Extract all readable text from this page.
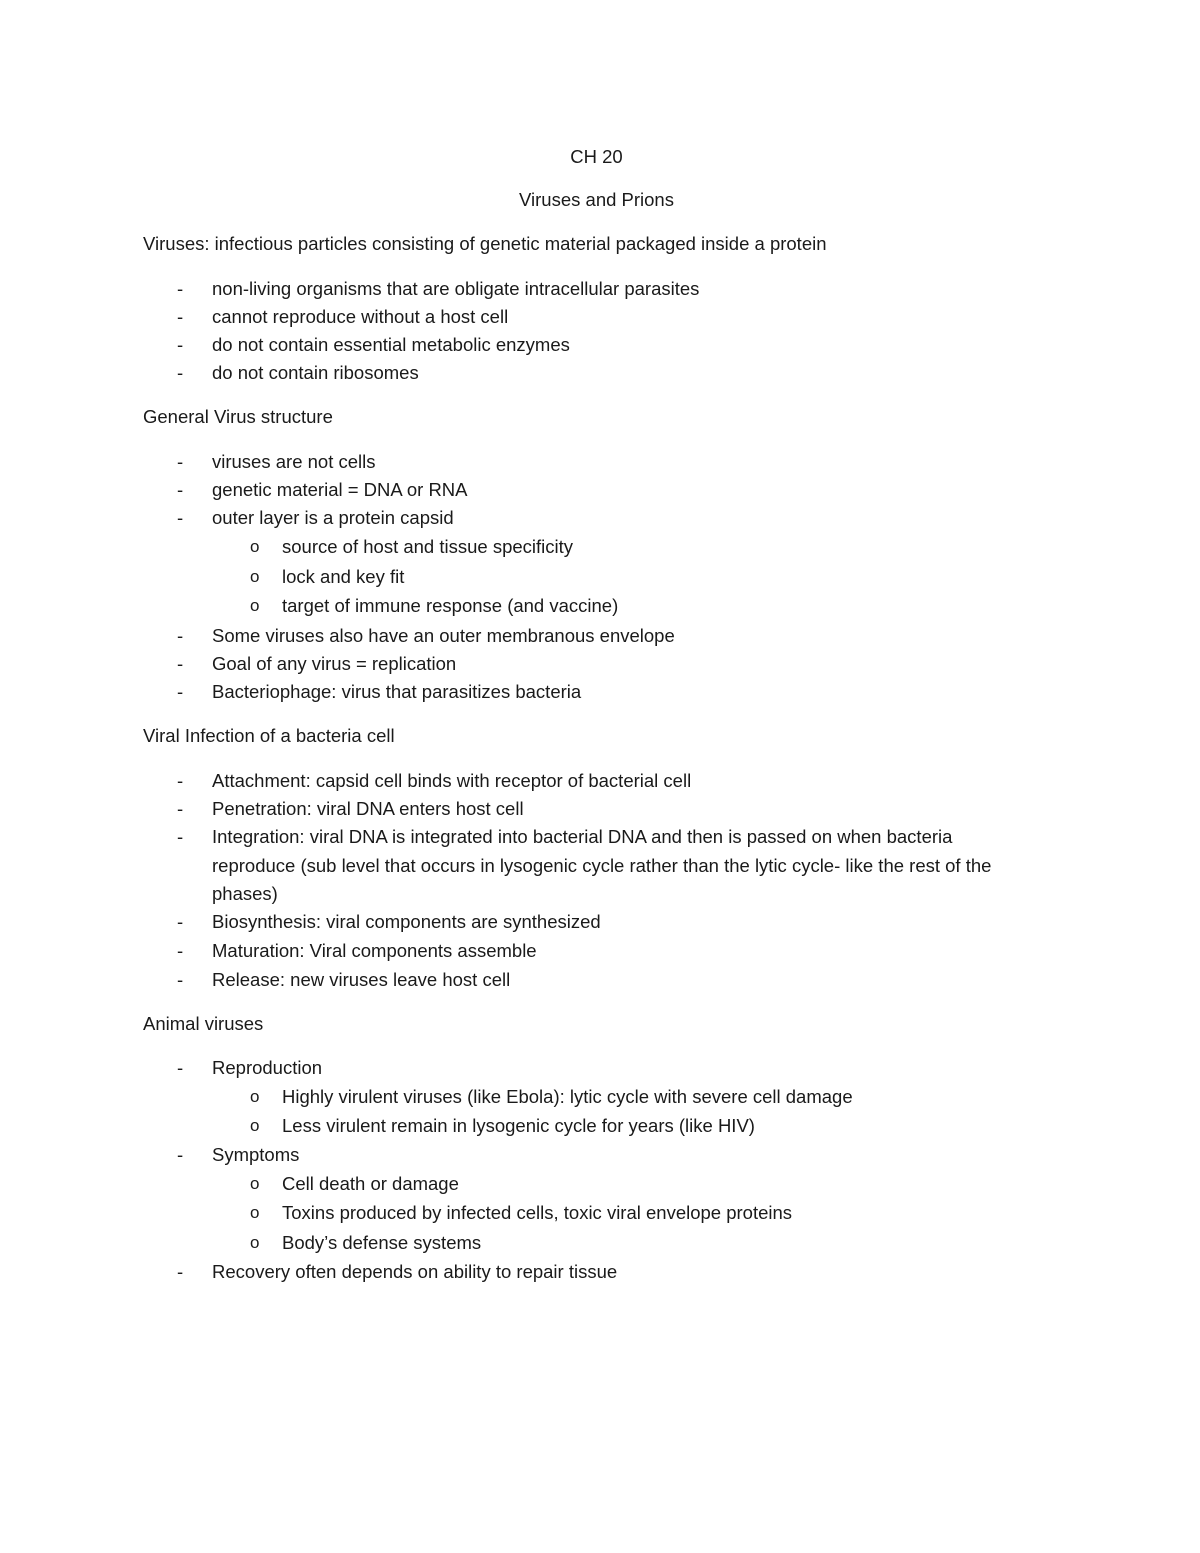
CH 20
Viruses and Prions
Viruses: infectious particles consisting of genetic material packaged inside a protein
- non-living organisms that are obligate intracellular parasites
- cannot reproduce without a host cell
- do not contain essential metabolic enzymes
- do not contain ribosomes
General Virus structure
- viruses are not cells
- genetic material = DNA or RNA
- outer layer is a protein capsid
o source of host and tissue specificity
o lock and key fit
o target of immune response (and vaccine)
- Some viruses also have an outer membranous envelope
- Goal of any virus = replication
- Bacteriophage: virus that parasitizes bacteria
Viral Infection of a bacteria cell
- Attachment: capsid cell binds with receptor of bacterial cell
- Penetration: viral DNA enters host cell
- Integration: viral DNA is integrated into bacterial DNA and then is passed on when bacteria
reproduce (sub level that occurs in lysogenic cycle rather than the lytic cycle- like the rest of the
phases)
- Biosynthesis: viral components are synthesized
- Maturation: Viral components assemble
- Release: new viruses leave host cell
Animal viruses
- Reproduction
o Highly virulent viruses (like Ebola): lytic cycle with severe cell damage
o Less virulent remain in lysogenic cycle for years (like HIV)
- Symptoms
o Cell death or damage
o Toxins produced by infected cells, toxic viral envelope proteins
o Body’s defense systems
- Recovery often depends on ability to repair tissue
